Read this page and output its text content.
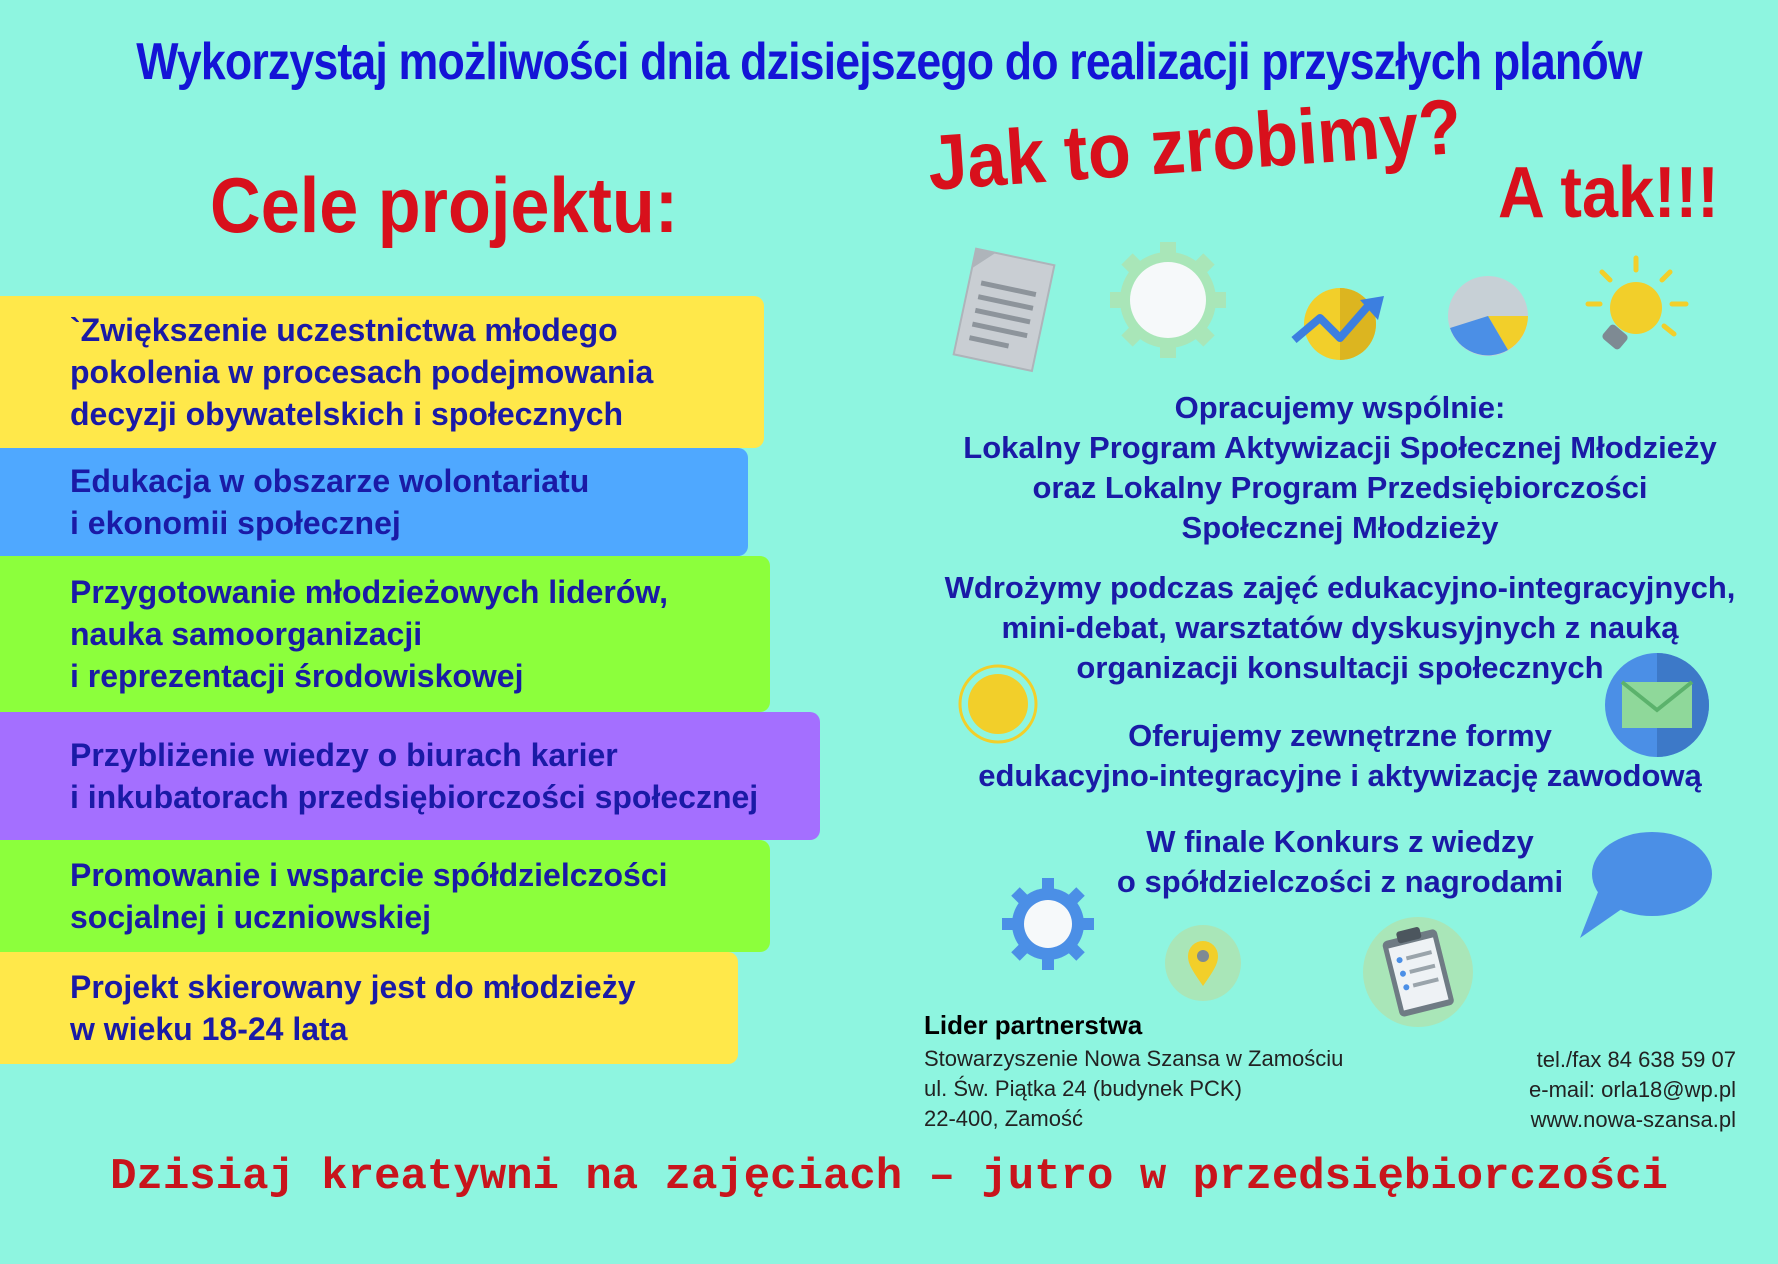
Wykorzystaj możliwości dnia dzisiejszego do realizacji przyszłych planów
Cele projektu:
`Zwiększenie uczestnictwa młodego
pokolenia w procesach podejmowania
decyzji obywatelskich i społecznych
Edukacja w obszarze wolontariatu
i ekonomii społecznej
Przygotowanie młodzieżowych liderów,
nauka samoorganizacji
i reprezentacji środowiskowej
Przybliżenie wiedzy o biurach karier
i inkubatorach przedsiębiorczości społecznej
Promowanie i wsparcie spółdzielczości
socjalnej i uczniowskiej
Projekt skierowany jest do młodzieży
w wieku 18-24 lata
Jak to zrobimy? A tak!!!
Opracujemy wspólnie:
Lokalny Program Aktywizacji Społecznej Młodzieży
oraz Lokalny Program Przedsiębiorczości
Społecznej Młodzieży
Wdrożymy podczas zajęć edukacyjno-integracyjnych,
mini-debat, warsztatów dyskusyjnych z nauką
organizacji konsultacji społecznych
Oferujemy zewnętrzne formy
edukacyjno-integracyjne i aktywizację zawodową
W finale Konkurs z wiedzy
o spółdzielczości z nagrodami
Lider partnerstwa
Stowarzyszenie Nowa Szansa w Zamościu
ul. Św. Piątka 24 (budynek PCK)
22-400, Zamość
tel./fax 84 638 59 07
e-mail: orla18@wp.pl
www.nowa-szansa.pl
Dzisiaj kreatywni na zajęciach – jutro w przedsiębiorczości
